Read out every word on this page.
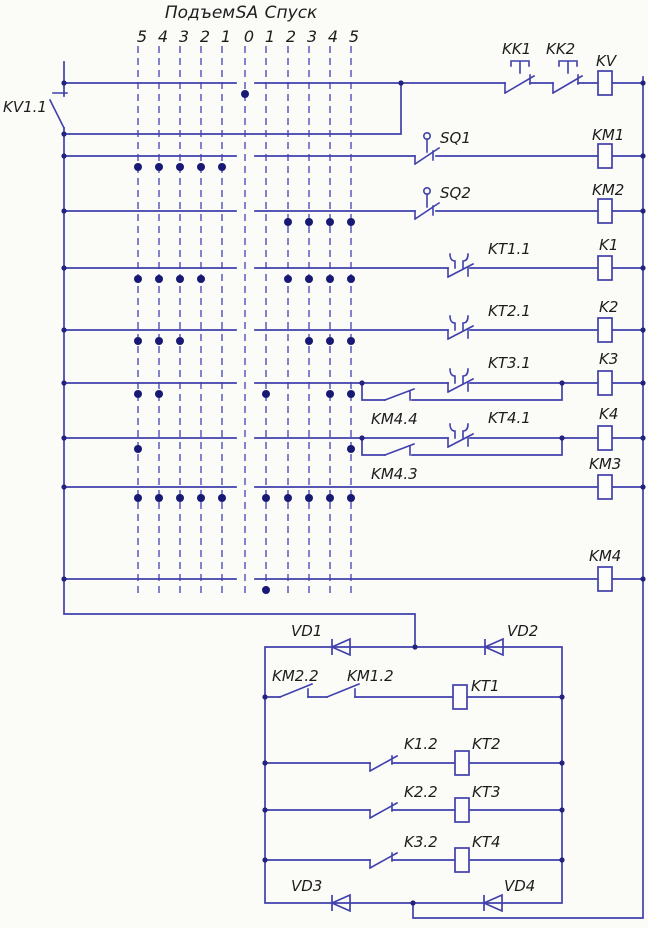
Подъем SA Спуск
5 4 3 2 1 0 1 2 3 4 5
KV1.1
KK1 KK2
KV
SQ1	KM1
SQ2	KM2
KT1.1	K1
KT2.1	K2
KT3.1
KM4.4
K3
KT4.1
KM4.3
K4
KM3
KM4
VD1	VD2
KM2.2 KM1.2
KT1
K1.2 KT2
K2.2 KT3
K3.2 KT4
VD3	VD4
